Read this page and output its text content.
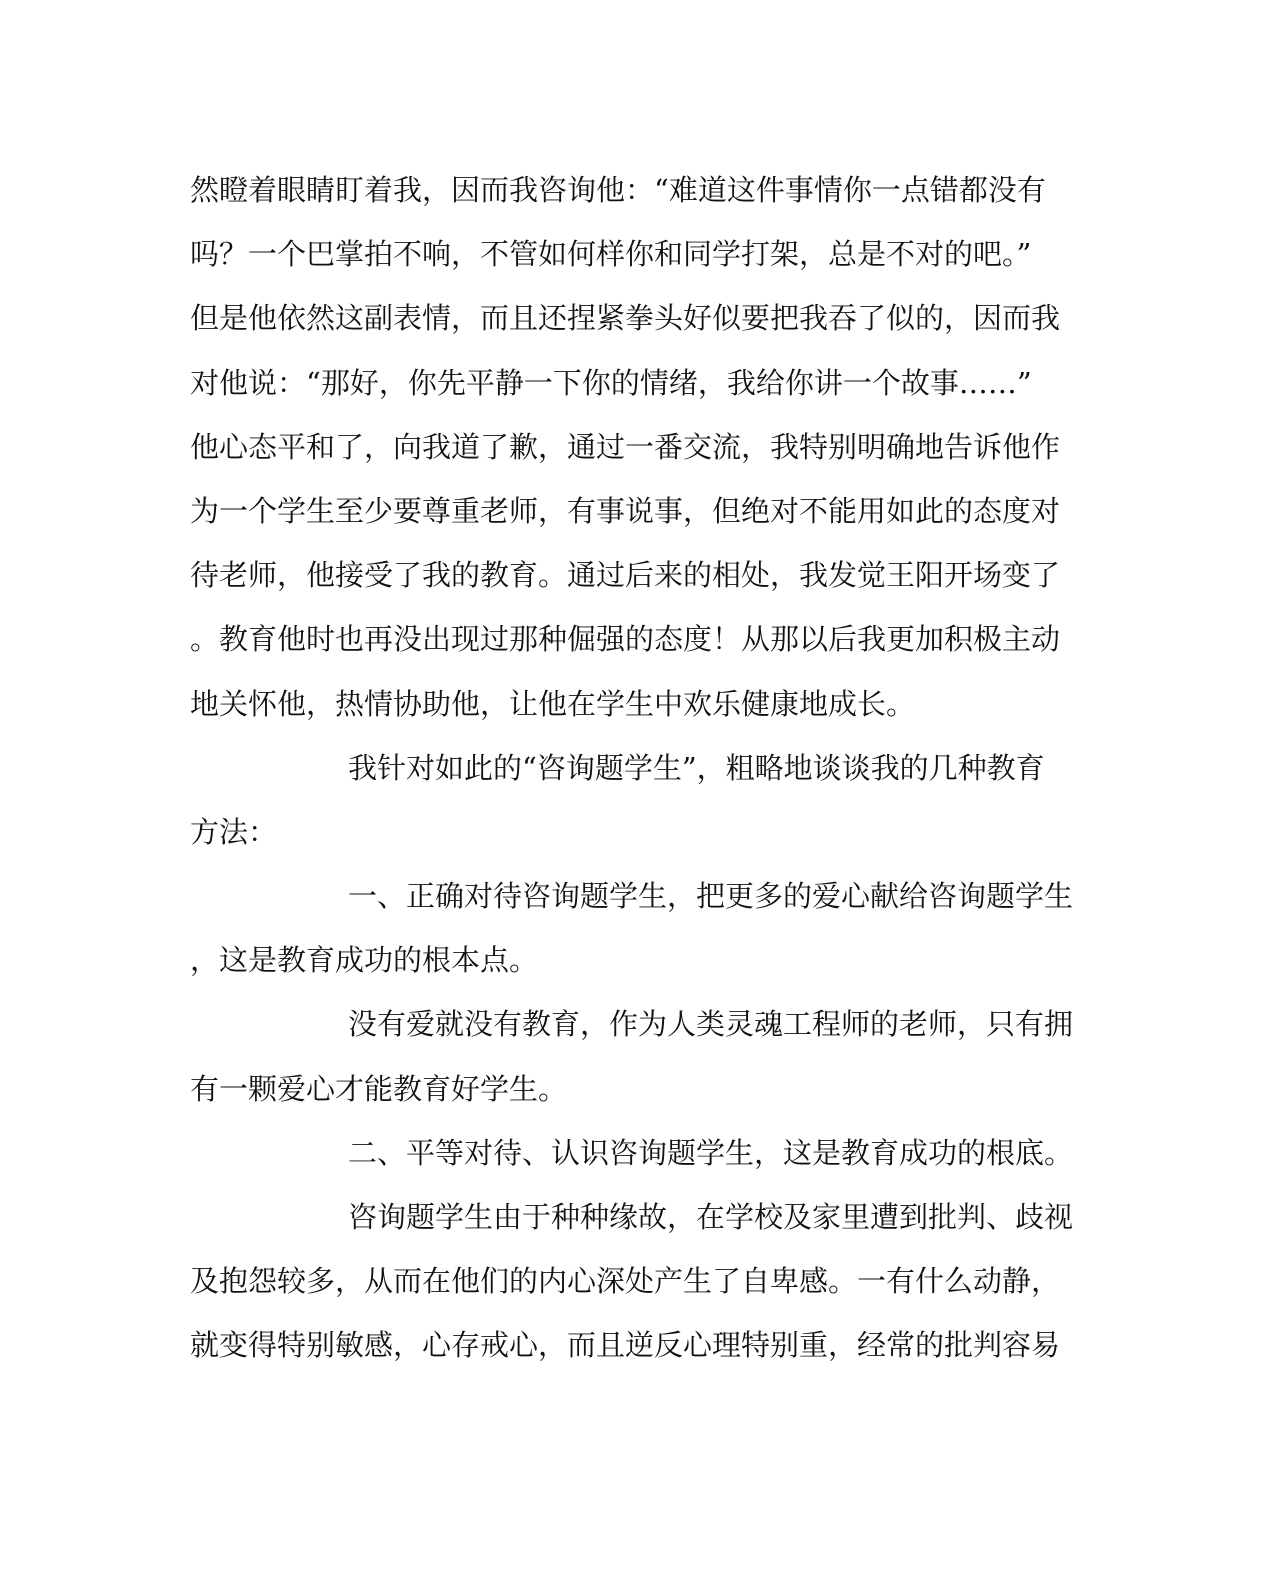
然瞪着眼睛盯着我，因而我咨询他：“难道这件事情你一点错都没有
吗？一个巴掌拍不响，不管如何样你和同学打架，总是不对的吧。”
但是他依然这副表情，而且还捏紧拳头好似要把我吞了似的，因而我
对他说：“那好，你先平静一下你的情绪，我给你讲一个故事……”
他心态平和了，向我道了歉，通过一番交流，我特别明确地告诉他作
为一个学生至少要尊重老师，有事说事，但绝对不能用如此的态度对
待老师，他接受了我的教育。通过后来的相处，我发觉王阳开场变了
。教育他时也再没出现过那种倔强的态度！从那以后我更加积极主动
地关怀他，热情协助他，让他在学生中欢乐健康地成长。
我针对如此的“咨询题学生”，粗略地谈谈我的几种教育
方法：
一、正确对待咨询题学生，把更多的爱心献给咨询题学生
，这是教育成功的根本点。
没有爱就没有教育，作为人类灵魂工程师的老师，只有拥
有一颗爱心才能教育好学生。
二、平等对待、认识咨询题学生，这是教育成功的根底。
咨询题学生由于种种缘故，在学校及家里遭到批判、歧视
及抱怨较多，从而在他们的内心深处产生了自卑感。一有什么动静，
就变得特别敏感，心存戒心，而且逆反心理特别重，经常的批判容易
